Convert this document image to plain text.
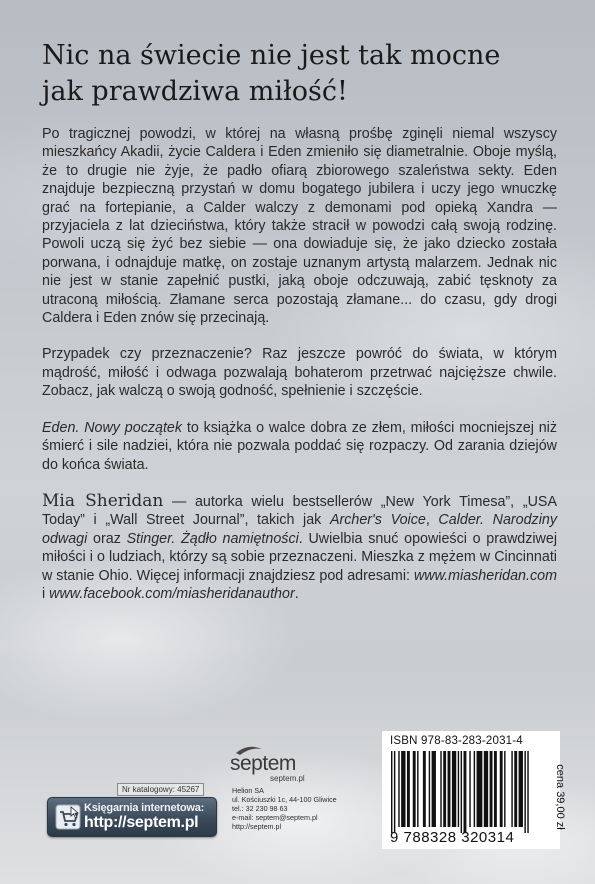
Nic na świecie nie jest tak mocne
jak prawdziwa miłość!

Po tragicznej powodzi, w której na własną prośbę zginęli niemal wszyscy mieszkańcy Akadii, życie Caldera i Eden zmieniło się diametralnie. Oboje myślą, że to drugie nie żyje, że padło ofiarą zbiorowego szaleństwa sekty. Eden znajduje bezpieczną przystań w domu bogatego jubilera i uczy jego wnuczkę grać na fortepianie, a Calder walczy z demonami pod opieką Xandra — przyjaciela z lat dzieciństwa, który także stracił w powodzi całą swoją rodzinę. Powoli uczą się żyć bez siebie — ona dowiaduje się, że jako dziecko została porwana, i odnajduje matkę, on zostaje uznanym artystą malarzem. Jednak nic nie jest w stanie zapełnić pustki, jaką oboje odczuwają, zabić tęsknoty za utraconą miłością. Złamane serca pozostają złamane... do czasu, gdy drogi Caldera i Eden znów się przecinają.

Przypadek czy przeznaczenie? Raz jeszcze powróć do świata, w którym mądrość, miłość i odwaga pozwalają bohaterom przetrwać najcięższe chwile. Zobacz, jak walczą o swoją godność, spełnienie i szczęście.

Eden. Nowy początek to książka o walce dobra ze złem, miłości mocniejszej niż śmierć i sile nadziei, która nie pozwala poddać się rozpaczy. Od zarania dziejów do końca świata.

Mia Sheridan — autorka wielu bestsellerów „New York Timesa”, „USA Today” i „Wall Street Journal”, takich jak Archer's Voice, Calder. Narodziny odwagi oraz Stinger. Żądło namiętności. Uwielbia snuć opowieści o prawdziwej miłości i o ludziach, którzy są sobie przeznaczeni. Mieszka z mężem w Cincinnati w stanie Ohio. Więcej informacji znajdziesz pod adresami: www.miasheridan.com i www.facebook.com/miasheridanauthor.

Nr katalogowy: 45267
Księgarnia internetowa:
http://septem.pl
septem
septem.pl
Helion SA
ul. Kościuszki 1c, 44-100 Gliwice
tel.: 32 230 98 63
e-mail: septem@septem.pl
http://septem.pl
ISBN 978-83-283-2031-4
9 788328 320314
cena 39,00 zł
